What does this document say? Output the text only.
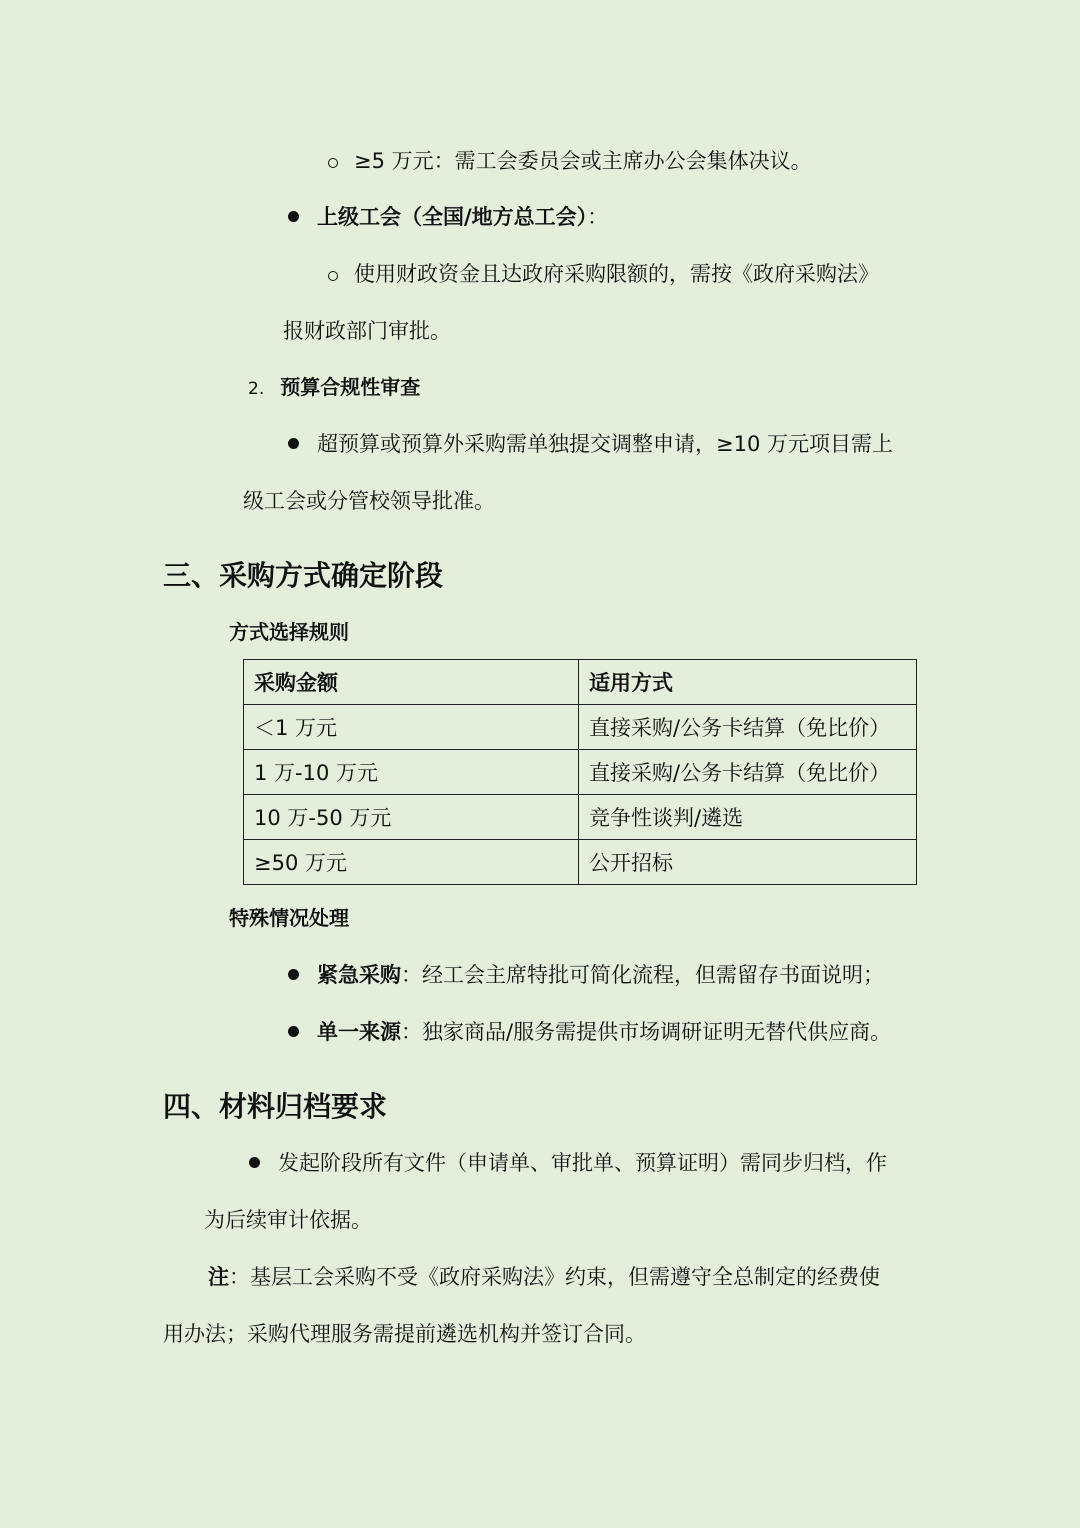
≥5 万元：需工会委员会或主席办公会集体决议。
上级工会（全国/地方总工会）：
使用财政资金且达政府采购限额的，需按《政府采购法》
报财政部门审批。
2. 预算合规性审查
超预算或预算外采购需单独提交调整申请，≥10 万元项目需上
级工会或分管校领导批准。
三、采购方式确定阶段
方式选择规则
采购金额	适用方式
＜1 万元	直接采购/公务卡结算（免比价）
1 万-10 万元	直接采购/公务卡结算（免比价）
10 万-50 万元	竞争性谈判/遴选
≥50 万元	公开招标
特殊情况处理
紧急采购：经工会主席特批可简化流程，但需留存书面说明；
单一来源：独家商品/服务需提供市场调研证明无替代供应商。
四、材料归档要求
发起阶段所有文件（申请单、审批单、预算证明）需同步归档，作
为后续审计依据。
注：基层工会采购不受《政府采购法》约束，但需遵守全总制定的经费使
用办法；采购代理服务需提前遴选机构并签订合同。
